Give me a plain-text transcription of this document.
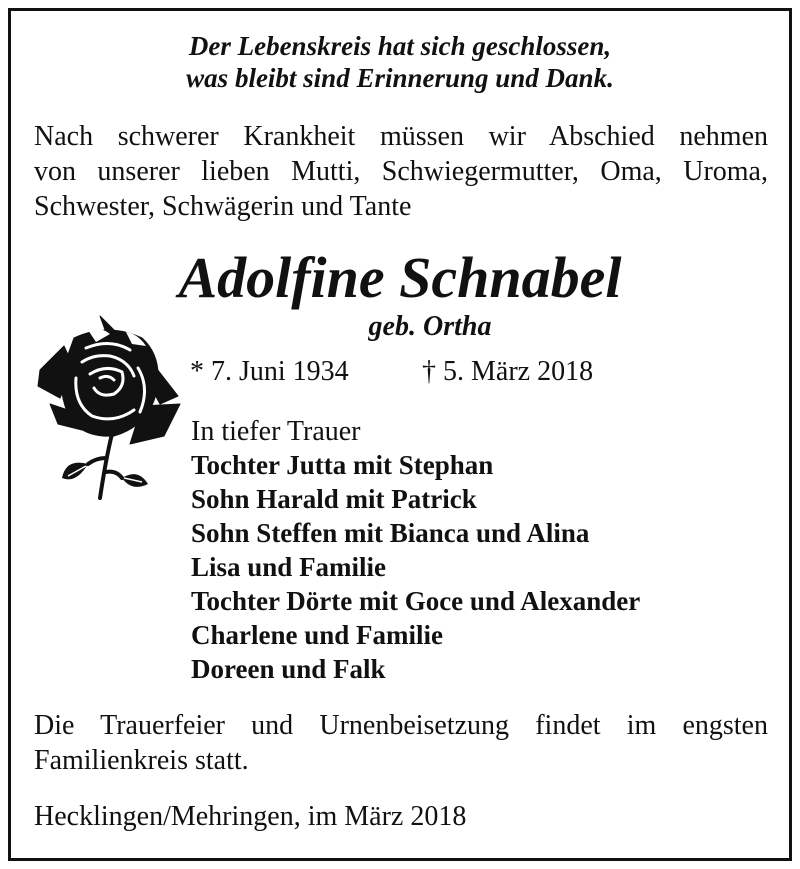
Der Lebenskreis hat sich geschlossen,
was bleibt sind Erinnerung und Dank.
Nach schwerer Krankheit müssen wir Abschied nehmen
von unserer lieben Mutti, Schwiegermutter, Oma, Uroma,
Schwester, Schwägerin und Tante
Adolfine Schnabel
geb. Ortha
* 7. Juni 1934	† 5. März 2018
In tiefer Trauer
Tochter Jutta mit Stephan
Sohn Harald mit Patrick
Sohn Steffen mit Bianca und Alina
Lisa und Familie
Tochter Dörte mit Goce und Alexander
Charlene und Familie
Doreen und Falk
Die Trauerfeier und Urnenbeisetzung findet im engsten
Familienkreis statt.
Hecklingen/Mehringen, im März 2018
